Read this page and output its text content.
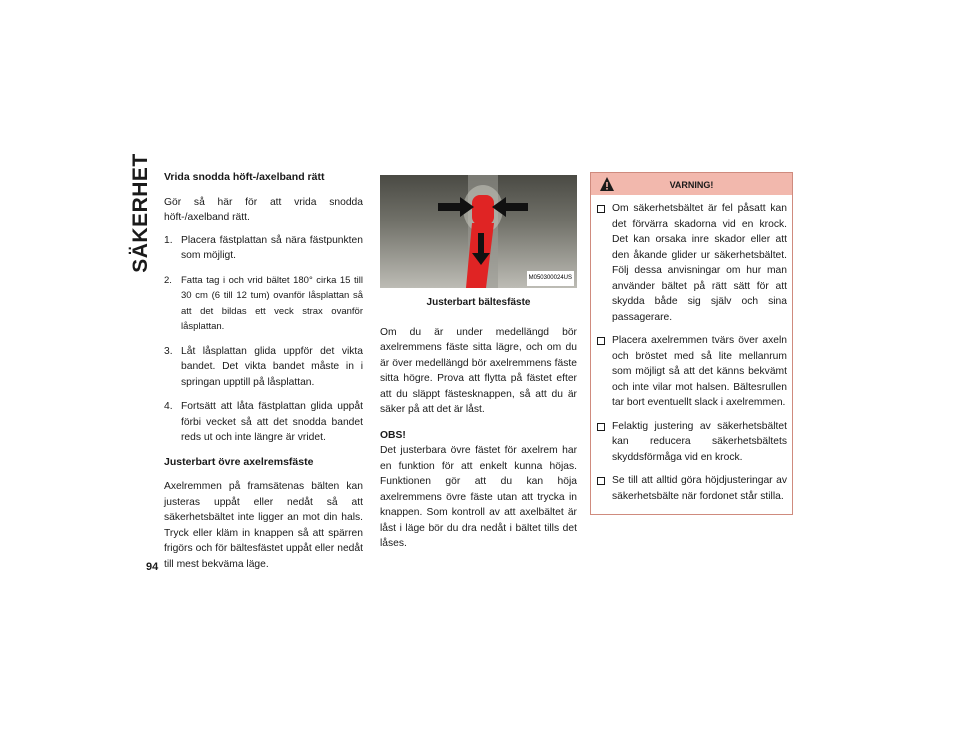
SÄKERHET
94
Vrida snodda höft-/axelband rätt

Gör så här för att vrida snodda höft-/axelband rätt.

1. Placera fästplattan så nära fästpunkten som möjligt.
2. Fatta tag i och vrid bältet 180° cirka 15 till 30 cm (6 till 12 tum) ovanför låsplattan så att det bildas ett veck strax ovanför låsplattan.
3. Låt låsplattan glida uppför det vikta bandet. Det vikta bandet måste in i springan upptill på låsplattan.
4. Fortsätt att låta fästplattan glida uppåt förbi vecket så att det snodda bandet reds ut och inte längre är vridet.
Justerbart övre axelremsfäste

Axelremmen på framsätenas bälten kan justeras uppåt eller nedåt så att säkerhetsbältet inte ligger an mot din hals. Tryck eller kläm in knappen så att spärren frigörs och för bältesfästet uppåt eller nedåt till mest bekväma läge.

M050300024US
Justerbart bältesfäste

Om du är under medellängd bör axelremmens fäste sitta lägre, och om du är över medellängd bör axelremmens fäste sitta högre. Prova att flytta på fästet efter att du släppt fästesknappen, så att du är säker på att det är låst.

OBS!

Det justerbara övre fästet för axelrem har en funktion för att enkelt kunna höjas. Funktionen gör att du kan höja axelremmens övre fäste utan att trycka in knappen. Som kontroll av att axelbältet är låst i läge bör du dra nedåt i bältet tills det låses.

VARNING!
Om säkerhetsbältet är fel påsatt kan det förvärra skadorna vid en krock. Det kan orsaka inre skador eller att den åkande glider ur säkerhetsbältet. Följ dessa anvisningar om hur man använder bältet på rätt sätt för att skydda både sig själv och sina passagerare.
Placera axelremmen tvärs över axeln och bröstet med så lite mellanrum som möjligt så att det känns bekvämt och inte vilar mot halsen. Bältesrullen tar bort eventuellt slack i axelremmen.
Felaktig justering av säkerhetsbältet kan reducera säkerhetsbältets skyddsförmåga vid en krock.
Se till att alltid göra höjdjusteringar av säkerhetsbälte när fordonet står stilla.
